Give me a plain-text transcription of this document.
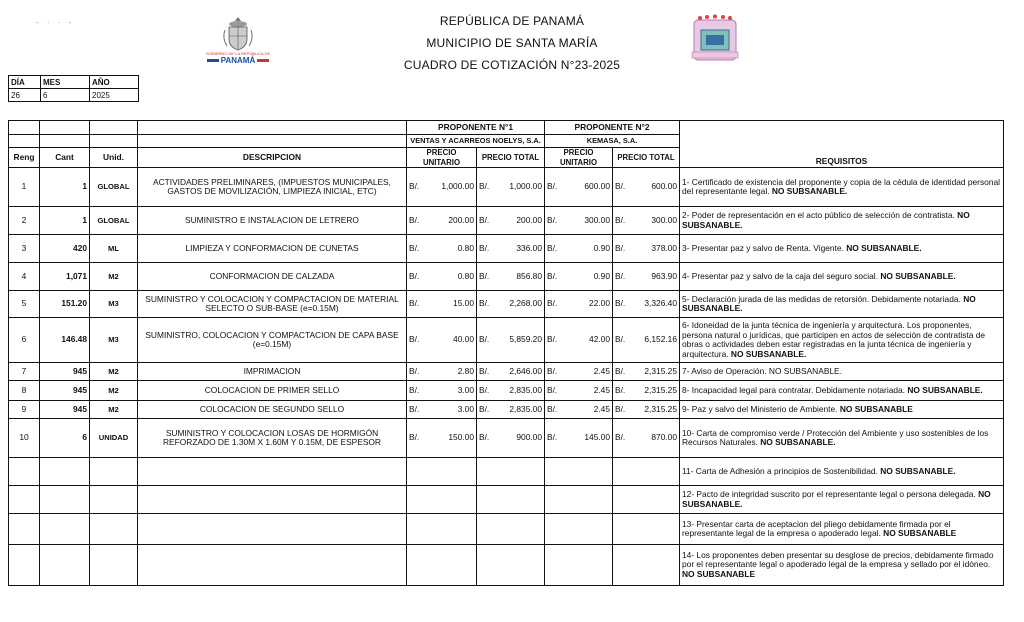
- · · -
GOBIERNO DE LA REPÚBLICA DE
PANAMÁ
REPÚBLICA DE PANAMÁ
MUNICIPIO DE SANTA MARÍA
CUADRO DE COTIZACIÓN N°23-2025
DÍA	MES	AÑO
26	6	2025
				PROPONENTE N°1		PROPONENTE N°2		REQUISITOS
				VENTAS Y ACARREOS NOELYS, S.A.		KEMASA, S.A.		
Reng	Cant	Unid.	DESCRIPCION	PRECIO UNITARIO	PRECIO TOTAL	PRECIO UNITARIO	PRECIO TOTAL	
1	1	GLOBAL	ACTIVIDADES PRELIMINARES, (IMPUESTOS MUNICIPALES, GASTOS DE MOVILIZACIÓN, LIMPIEZA INICIAL, ETC)	B/. 1,000.00	B/. 1,000.00	B/. 600.00	B/. 600.00	1- Certificado de existencia del proponente y copia de la cédula de identidad personal del representante legal. NO SUBSANABLE.
2	1	GLOBAL	SUMINISTRO E INSTALACION DE LETRERO	B/. 200.00	B/. 200.00	B/. 300.00	B/. 300.00	2- Poder de representación en el acto público de selección de contratista. NO SUBSANABLE.
3	420	ML	LIMPIEZA Y CONFORMACION DE CUNETAS	B/. 0.80	B/. 336.00	B/. 0.90	B/. 378.00	3- Presentar paz y salvo de Renta. Vigente. NO SUBSANABLE.
4	1,071	M2	CONFORMACION DE CALZADA	B/. 0.80	B/. 856.80	B/. 0.90	B/. 963.90	4- Presentar paz y salvo de la caja del seguro social. NO SUBSANABLE.
5	151.20	M3	SUMINISTRO Y COLOCACION Y COMPACTACION DE MATERIAL SELECTO O SUB-BASE (e=0.15M)	B/. 15.00	B/. 2,268.00	B/. 22.00	B/. 3,326.40	5- Declaración jurada de las medidas de retorsión. Debidamente notariada. NO SUBSANABLE.
6	146.48	M3	SUMINISTRO, COLOCACION Y COMPACTACION DE CAPA BASE (e=0.15M)	B/. 40.00	B/. 5,859.20	B/. 42.00	B/. 6,152.16	6- Idoneidad de la junta técnica de ingeniería y arquitectura. Los proponentes, persona natural o jurídicas, que participen en actos de selección de contratista de obras o actividades deben estar registradas en la junta técnica de ingeniería y arquitectura. NO SUBSANABLE.
7	945	M2	IMPRIMACION	B/. 2.80	B/. 2,646.00	B/. 2.45	B/. 2,315.25	7- Aviso de Operación. NO SUBSANABLE.
8	945	M2	COLOCACION DE PRIMER SELLO	B/. 3.00	B/. 2,835.00	B/. 2.45	B/. 2,315.25	8- Incapacidad legal para contratar. Debidamente notariada. NO SUBSANABLE.
9	945	M2	COLOCACION DE SEGUNDO SELLO	B/. 3.00	B/. 2,835.00	B/. 2.45	B/. 2,315.25	9- Paz y salvo del Ministerio de Ambiente. NO SUBSANABLE
10	6	UNIDAD	SUMINISTRO Y COLOCACION LOSAS DE HORMIGÓN REFORZADO DE 1.30M X 1.60M Y 0.15M, DE ESPESOR	B/. 150.00	B/. 900.00	B/. 145.00	B/. 870.00	10- Carta de compromiso verde / Protección del Ambiente y uso sostenibles de los Recursos Naturales. NO SUBSANABLE.
								11- Carta de Adhesión a principios de Sostenibilidad. NO SUBSANABLE.
								12- Pacto de integridad suscrito por el representante legal o persona delegada. NO SUBSANABLE.
								13- Presentar carta de aceptacion del pliego debidamente firmada por el representante legal de la empresa o apoderado legal. NO SUBSANABLE
								14- Los proponentes deben presentar su desglose de precios, debidamente firmado por el representante legal o apoderado legal de la empresa y sellado por el idóneo. NO SUBSANABLE
